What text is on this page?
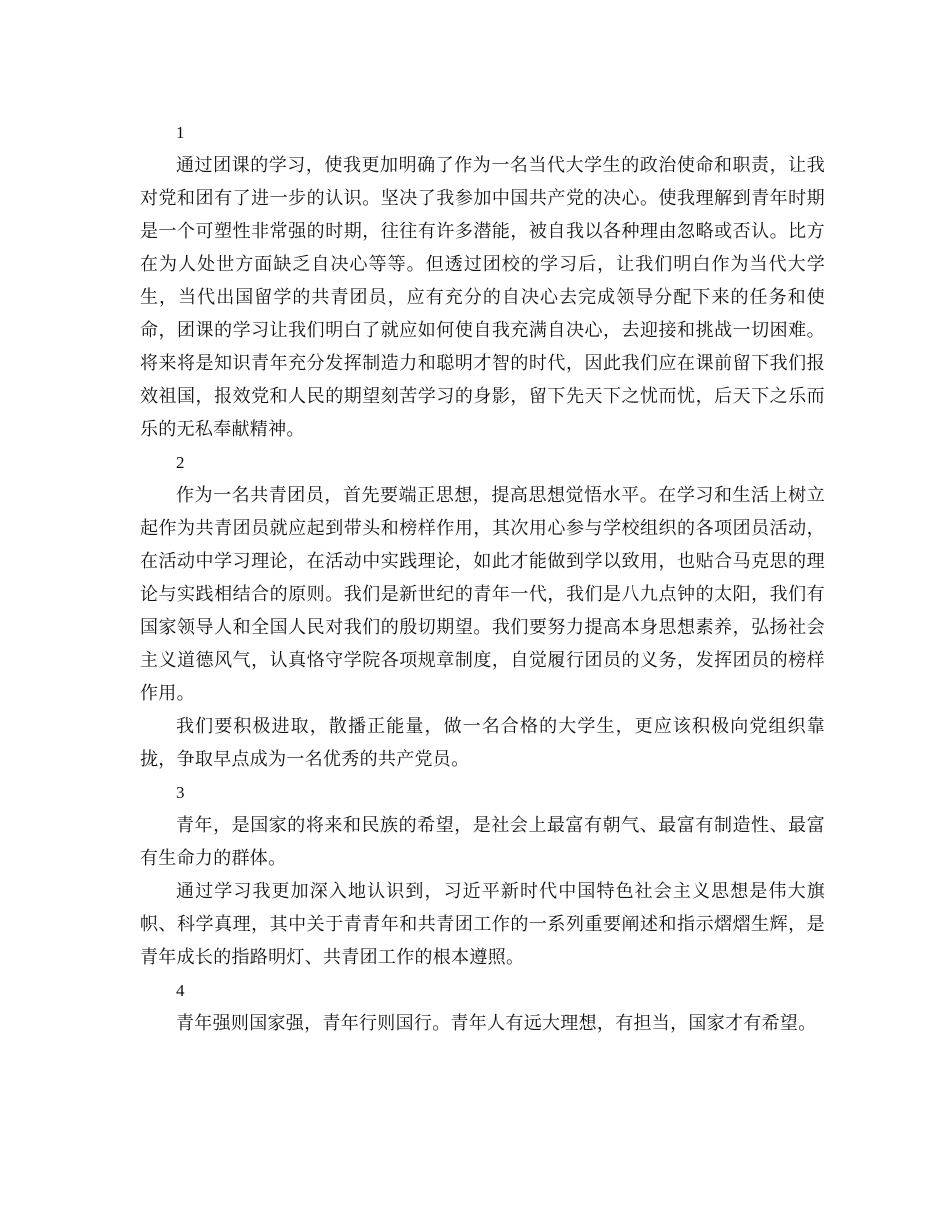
1

通过团课的学习，使我更加明确了作为一名当代大学生的政治使命和职责，让我对党和团有了进一步的认识。坚决了我参加中国共产党的决心。使我理解到青年时期是一个可塑性非常强的时期，往往有许多潜能，被自我以各种理由忽略或否认。比方在为人处世方面缺乏自决心等等。但透过团校的学习后，让我们明白作为当代大学生，当代出国留学的共青团员，应有充分的自决心去完成领导分配下来的任务和使命，团课的学习让我们明白了就应如何使自我充满自决心，去迎接和挑战一切困难。将来将是知识青年充分发挥制造力和聪明才智的时代，因此我们应在课前留下我们报效祖国，报效党和人民的期望刻苦学习的身影，留下先天下之忧而忧，后天下之乐而乐的无私奉献精神。

2

作为一名共青团员，首先要端正思想，提高思想觉悟水平。在学习和生活上树立起作为共青团员就应起到带头和榜样作用，其次用心参与学校组织的各项团员活动，在活动中学习理论，在活动中实践理论，如此才能做到学以致用，也贴合马克思的理论与实践相结合的原则。我们是新世纪的青年一代，我们是八九点钟的太阳，我们有国家领导人和全国人民对我们的殷切期望。我们要努力提高本身思想素养，弘扬社会主义道德风气，认真恪守学院各项规章制度，自觉履行团员的义务，发挥团员的榜样作用。

我们要积极进取，散播正能量，做一名合格的大学生，更应该积极向党组织靠拢，争取早点成为一名优秀的共产党员。

3

青年，是国家的将来和民族的希望，是社会上最富有朝气、最富有制造性、最富有生命力的群体。

通过学习我更加深入地认识到，习近平新时代中国特色社会主义思想是伟大旗帜、科学真理，其中关于青青年和共青团工作的一系列重要阐述和指示熠熠生辉，是青年成长的指路明灯、共青团工作的根本遵照。

4

青年强则国家强，青年行则国行。青年人有远大理想，有担当，国家才有希望。
